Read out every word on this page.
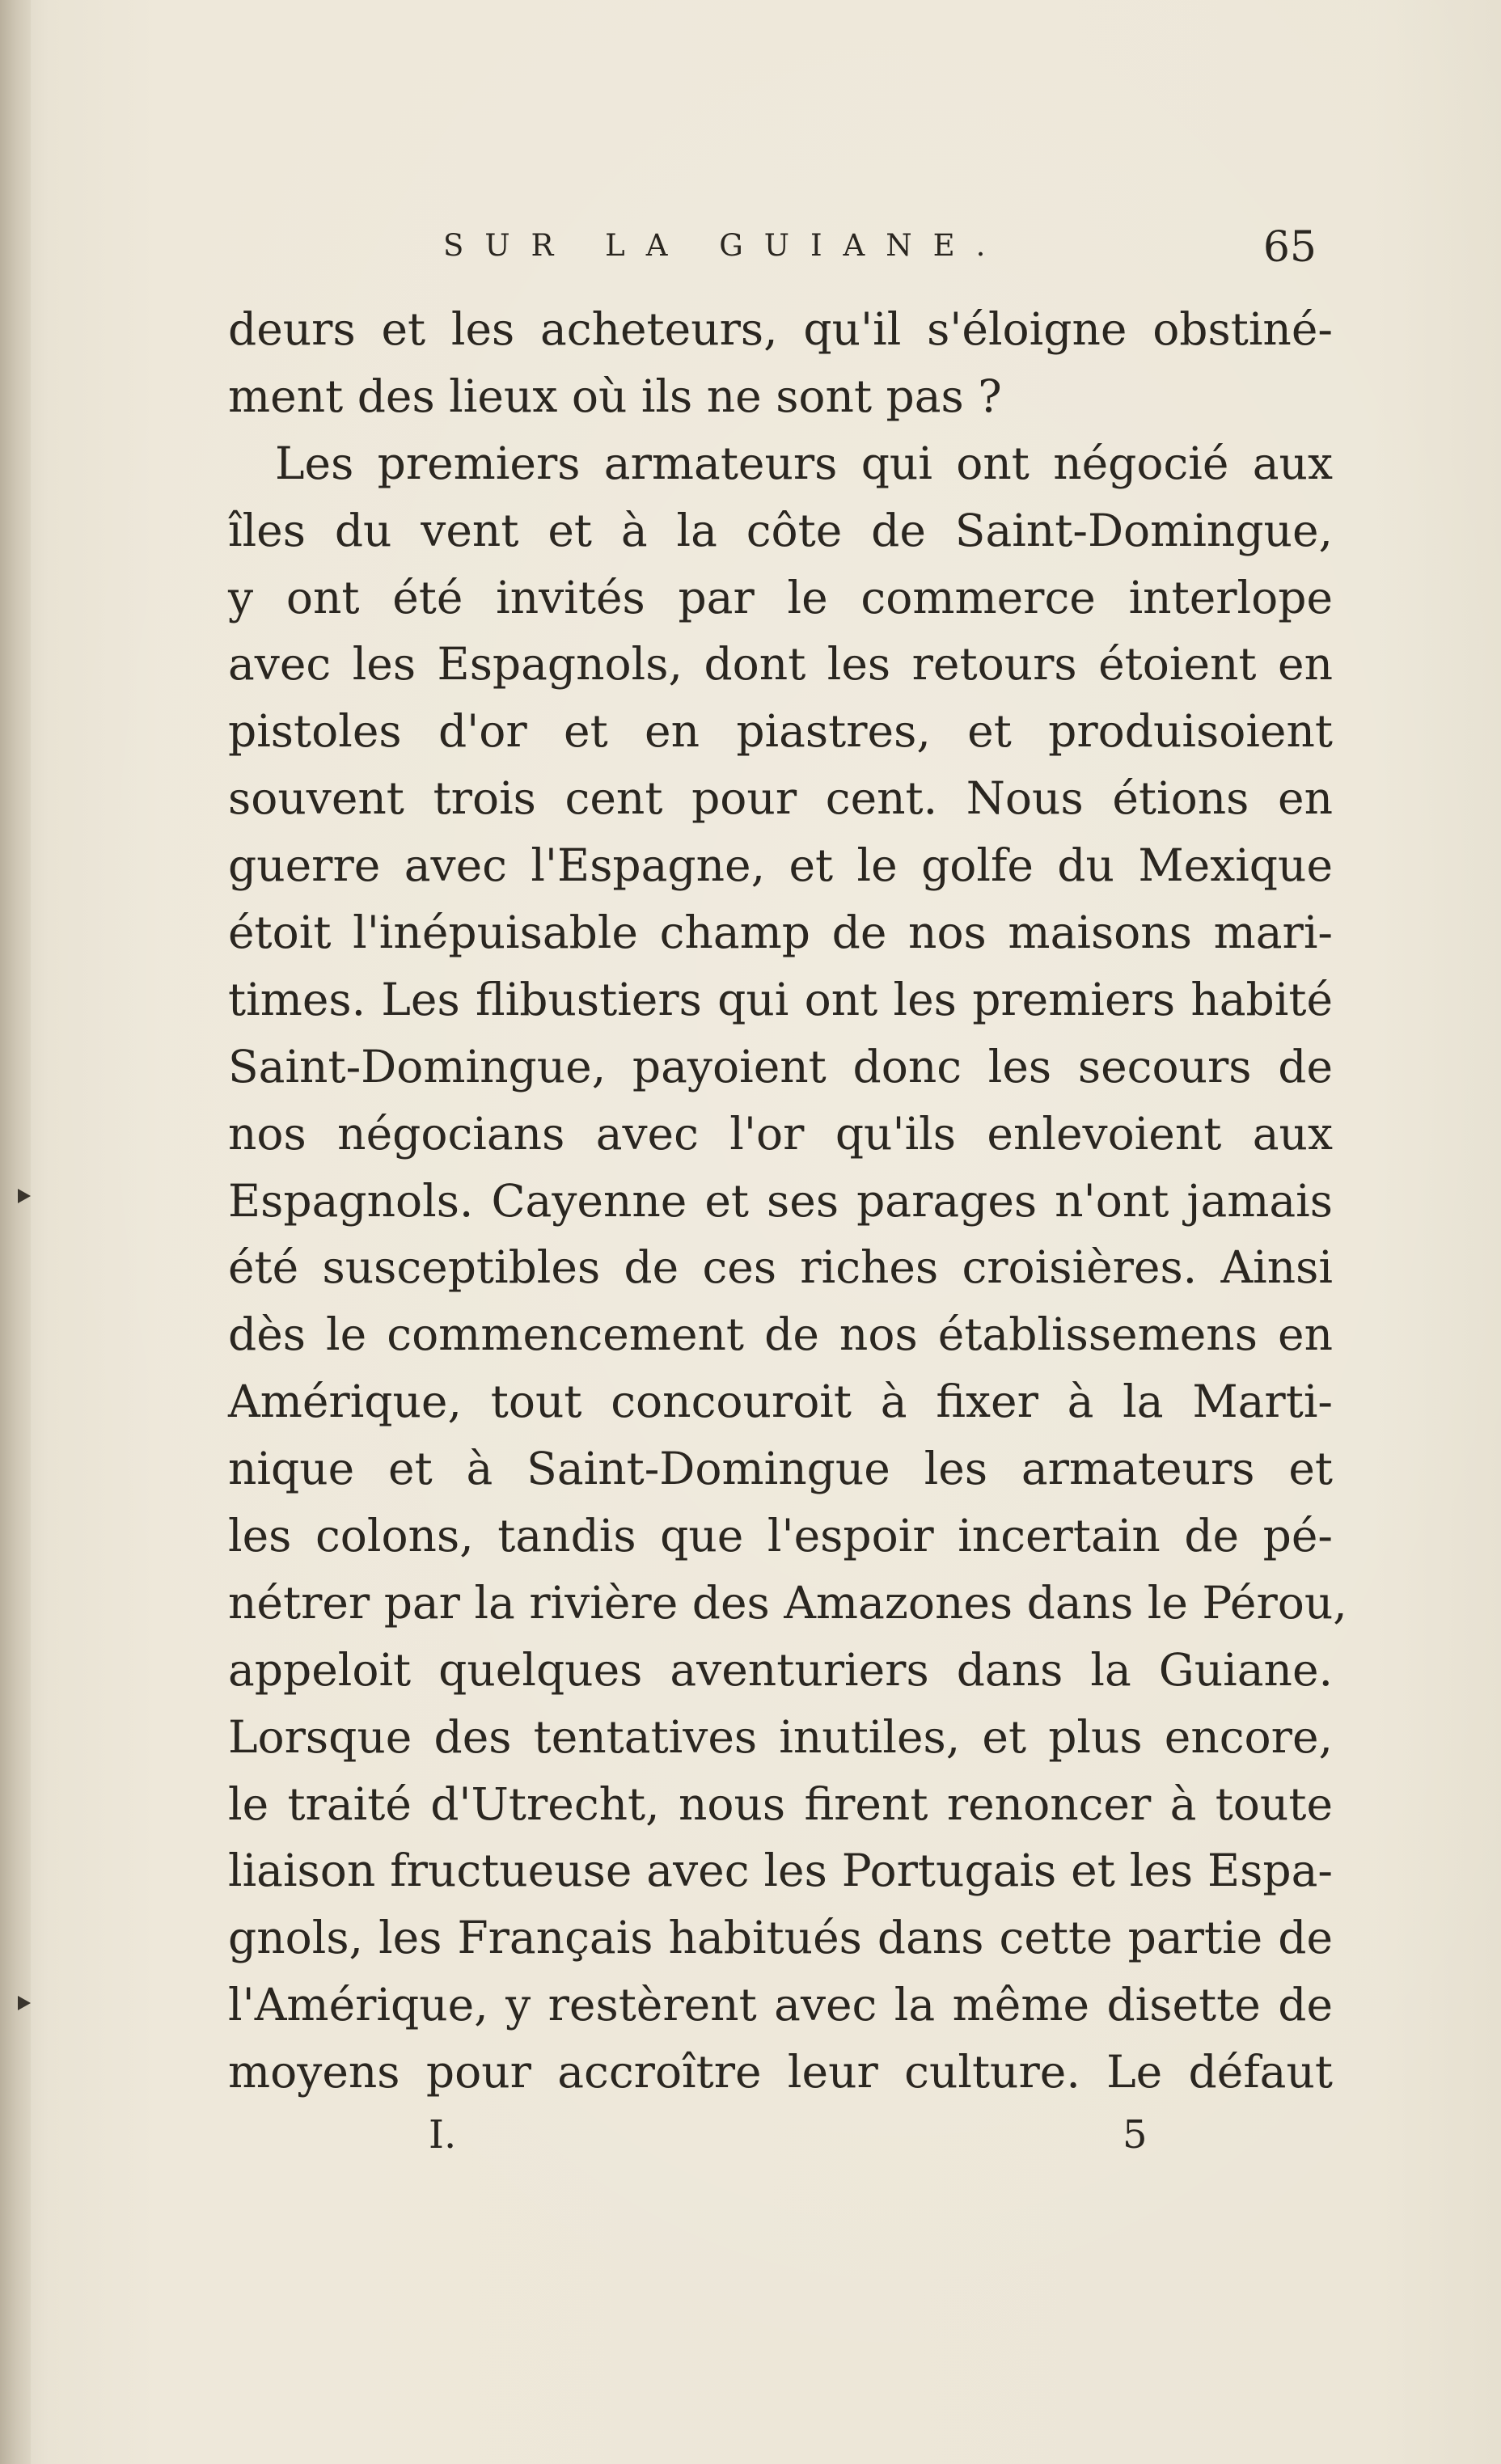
SUR LA GUIANE.	65
deurs et les acheteurs, qu'il s'éloigne obstiné-
ment des lieux où ils ne sont pas ?
Les premiers armateurs qui ont négocié aux
îles du vent et à la côte de Saint-Domingue,
y ont été invités par le commerce interlope
avec les Espagnols, dont les retours étoient en
pistoles d'or et en piastres, et produisoient
souvent trois cent pour cent. Nous étions en
guerre avec l'Espagne, et le golfe du Mexique
étoit l'inépuisable champ de nos maisons mari-
times. Les flibustiers qui ont les premiers habité
Saint-Domingue, payoient donc les secours de
nos négocians avec l'or qu'ils enlevoient aux
Espagnols. Cayenne et ses parages n'ont jamais
été susceptibles de ces riches croisières. Ainsi
dès le commencement de nos établissemens en
Amérique, tout concouroit à fixer à la Marti-
nique et à Saint-Domingue les armateurs et
les colons, tandis que l'espoir incertain de pé-
nétrer par la rivière des Amazones dans le Pérou,
appeloit quelques aventuriers dans la Guiane.
Lorsque des tentatives inutiles, et plus encore,
le traité d'Utrecht, nous firent renoncer à toute
liaison fructueuse avec les Portugais et les Espa-
gnols, les Français habitués dans cette partie de
l'Amérique, y restèrent avec la même disette de
moyens pour accroître leur culture. Le défaut
I.	5
